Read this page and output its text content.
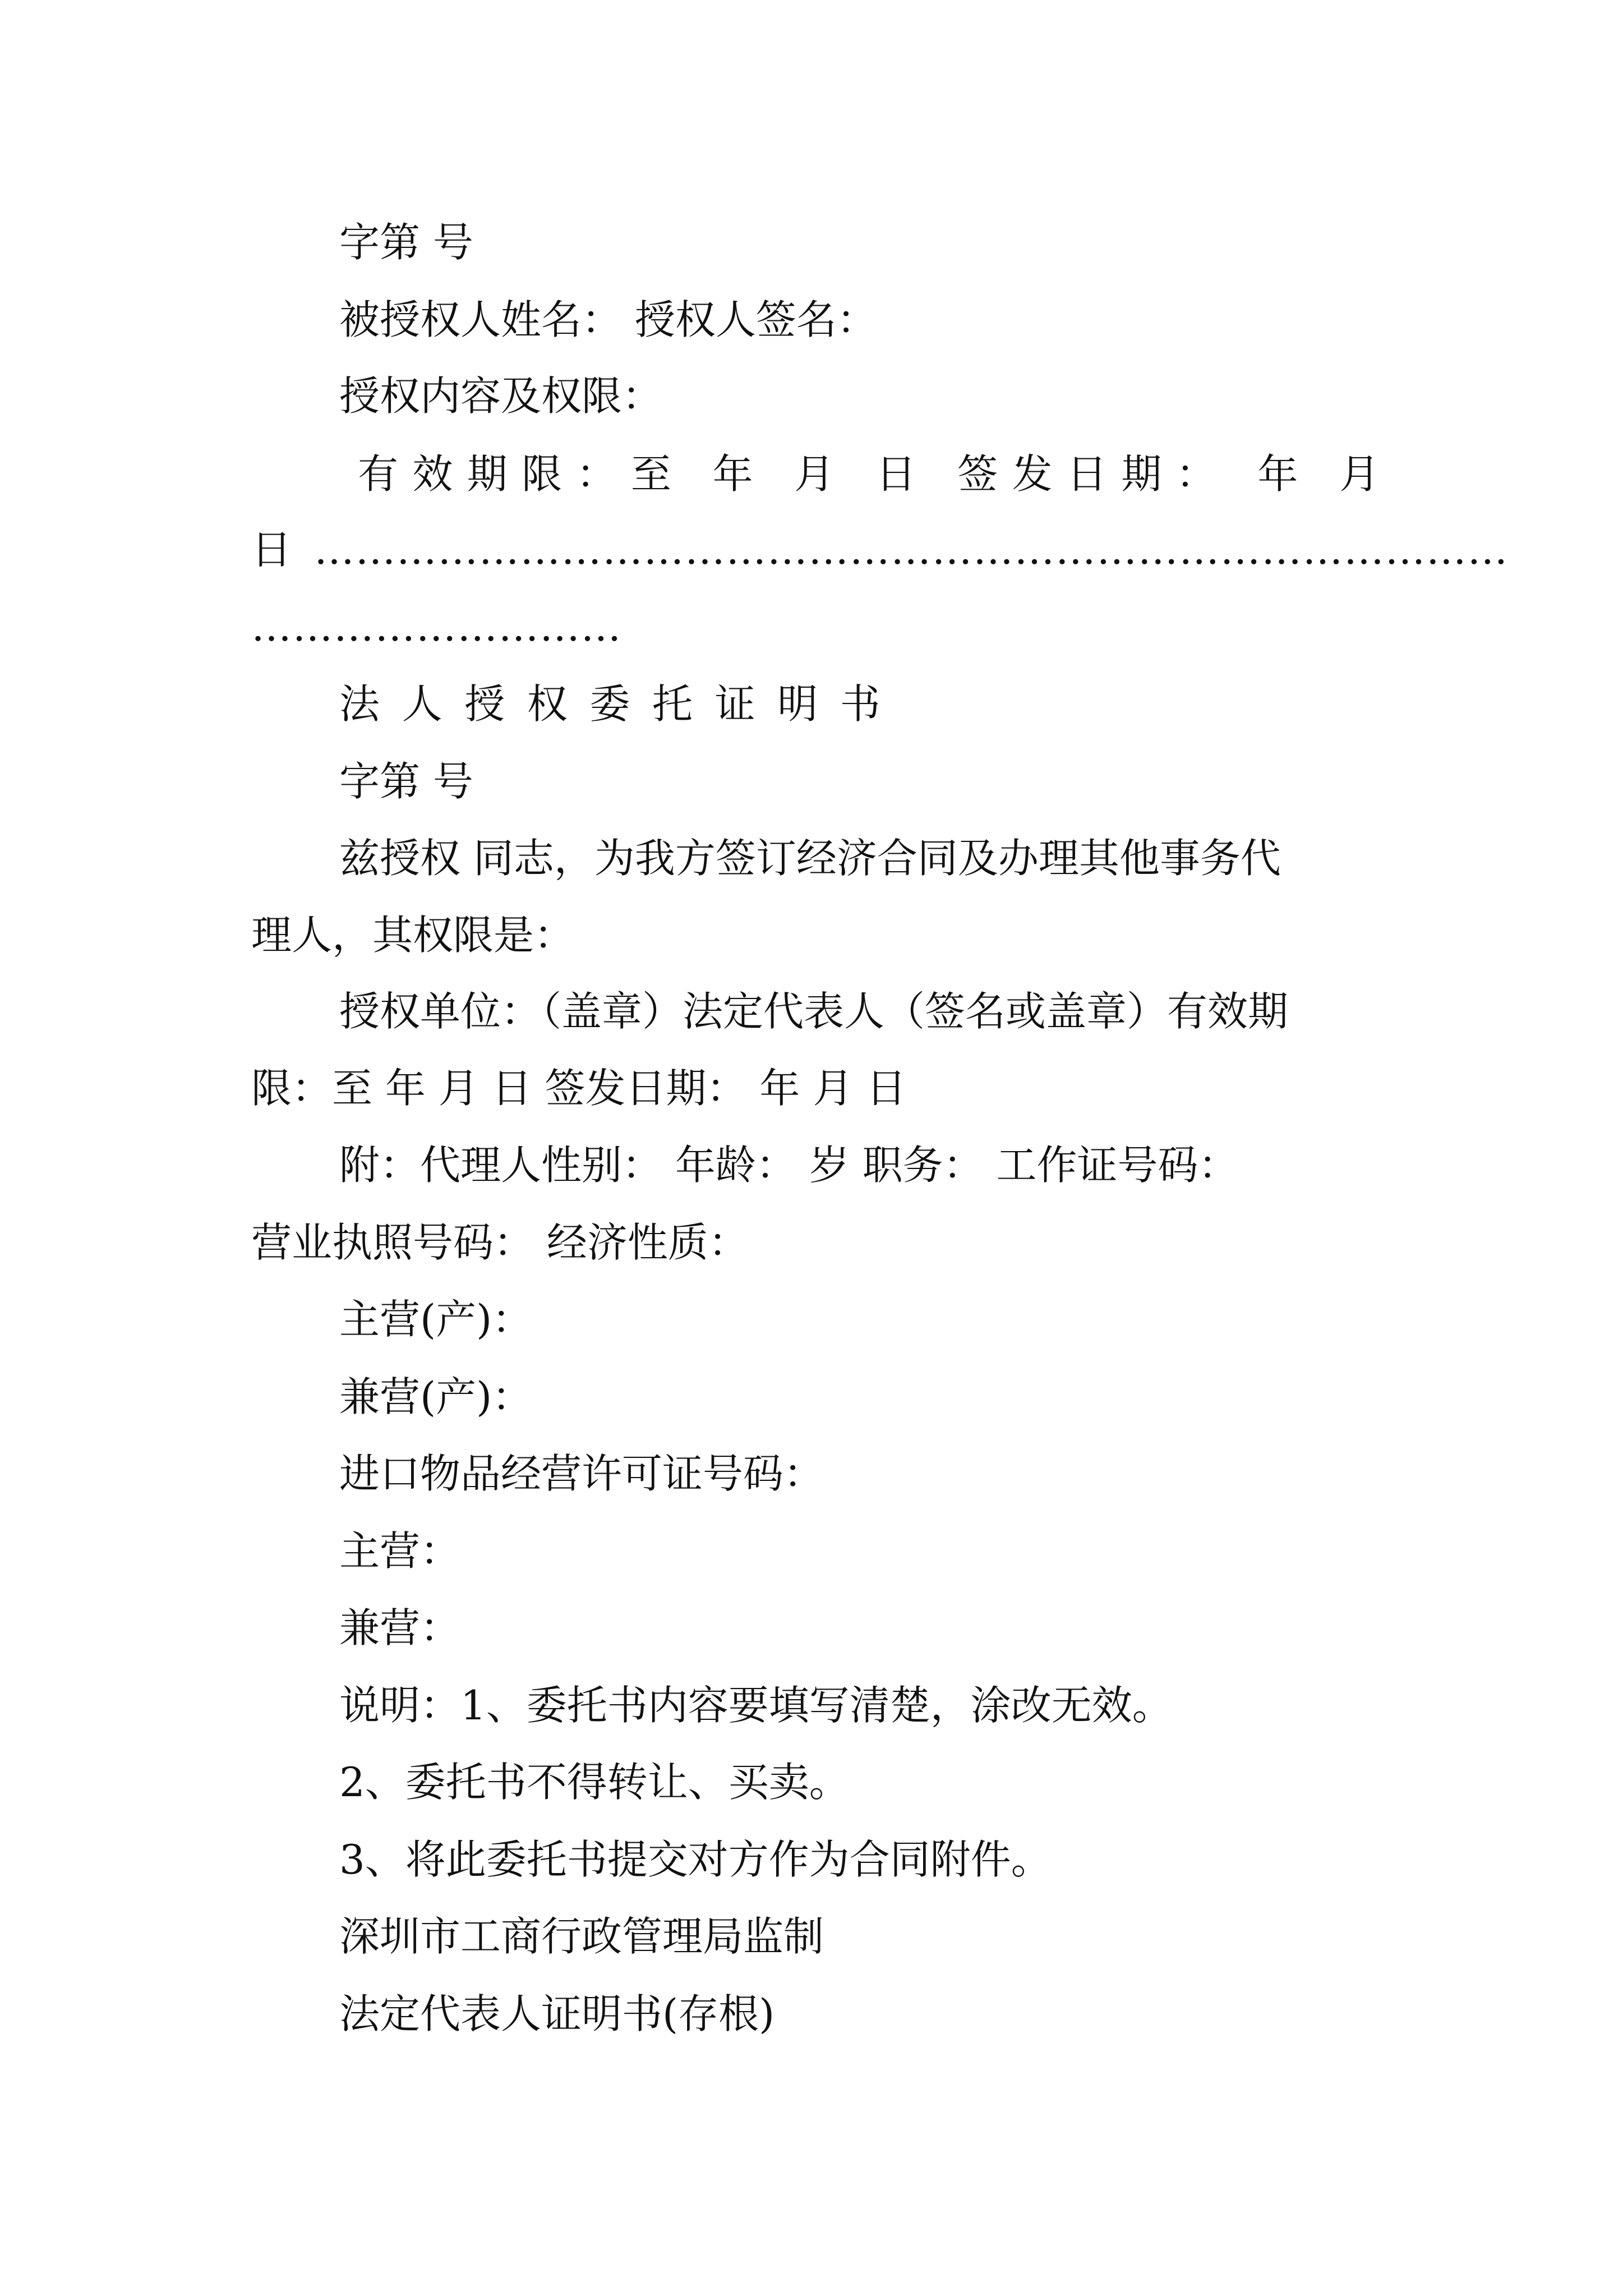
字第 号
被授权人姓名： 授权人签名：
授权内容及权限：
有效期限：至 年 月 日 签发日期： 年 月
日 ……………………………………………………………………………
………………………
法人授权委托证明书
字第 号
兹授权 同志，为我方签订经济合同及办理其他事务代
理人，其权限是：
授权单位：（盖章）法定代表人（签名或盖章）有效期
限：至 年 月 日 签发日期： 年 月 日
附：代理人性别： 年龄： 岁 职务： 工作证号码：
营业执照号码： 经济性质：
主营(产)：
兼营(产)：
进口物品经营许可证号码：
主营：
兼营：
说明：1、委托书内容要填写清楚，涂改无效。
2、委托书不得转让、买卖。
3、将此委托书提交对方作为合同附件。
深圳市工商行政管理局监制
法定代表人证明书(存根)
